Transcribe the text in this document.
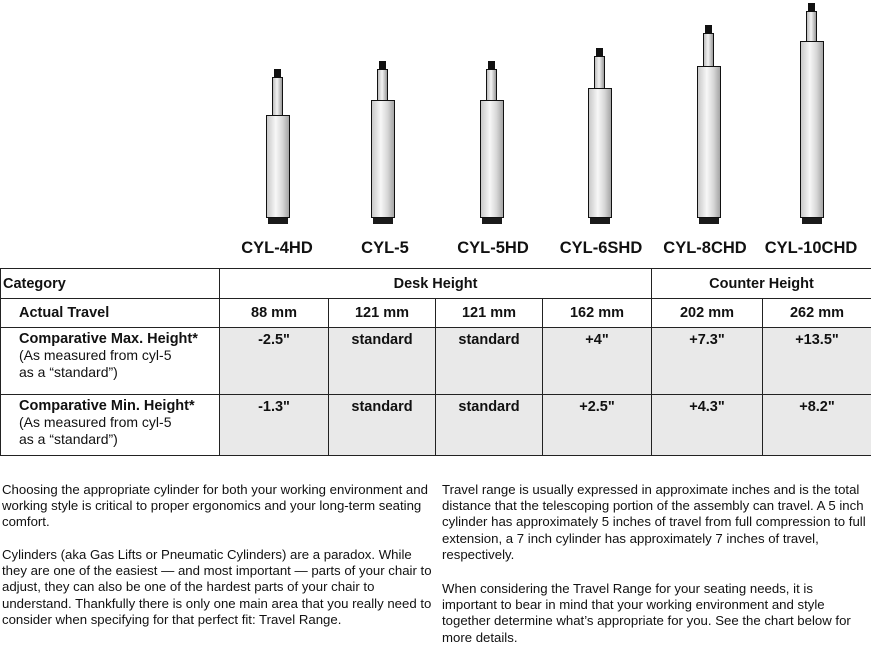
CYL-4HD	CYL-5	CYL-5HD	CYL-6SHD	CYL-8CHD	CYL-10CHD
Category	Desk Height				Counter Height	
Actual Travel	88 mm	121 mm	121 mm	162 mm	202 mm	262 mm

Comparative Max. Height*
(As measured from cyl-5
as a “standard”)	-2.5"	standard	standard	+4"	+7.3"	+13.5"

Comparative Min. Height*
(As measured from cyl-5
as a “standard”)	-1.3"	standard	standard	+2.5"	+4.3"	+8.2"

Choosing the appropriate cylinder for both your working environment and working style is critical to proper ergonomics and your long-term seating comfort.

Cylinders (aka Gas Lifts or Pneumatic Cylinders) are a paradox. While they are one of the easiest — and most important — parts of your chair to adjust, they can also be one of the hardest parts of your chair to understand. Thankfully there is only one main area that you really need to consider when specifying for that perfect fit: Travel Range.

Travel range is usually expressed in approximate inches and is the total distance that the telescoping portion of the assembly can travel. A 5 inch cylinder has approximately 5 inches of travel from full compression to full extension, a 7 inch cylinder has approximately 7 inches of travel, respectively.

When considering the Travel Range for your seating needs, it is important to bear in mind that your working environment and style together determine what’s appropriate for you. See the chart below for more details.
